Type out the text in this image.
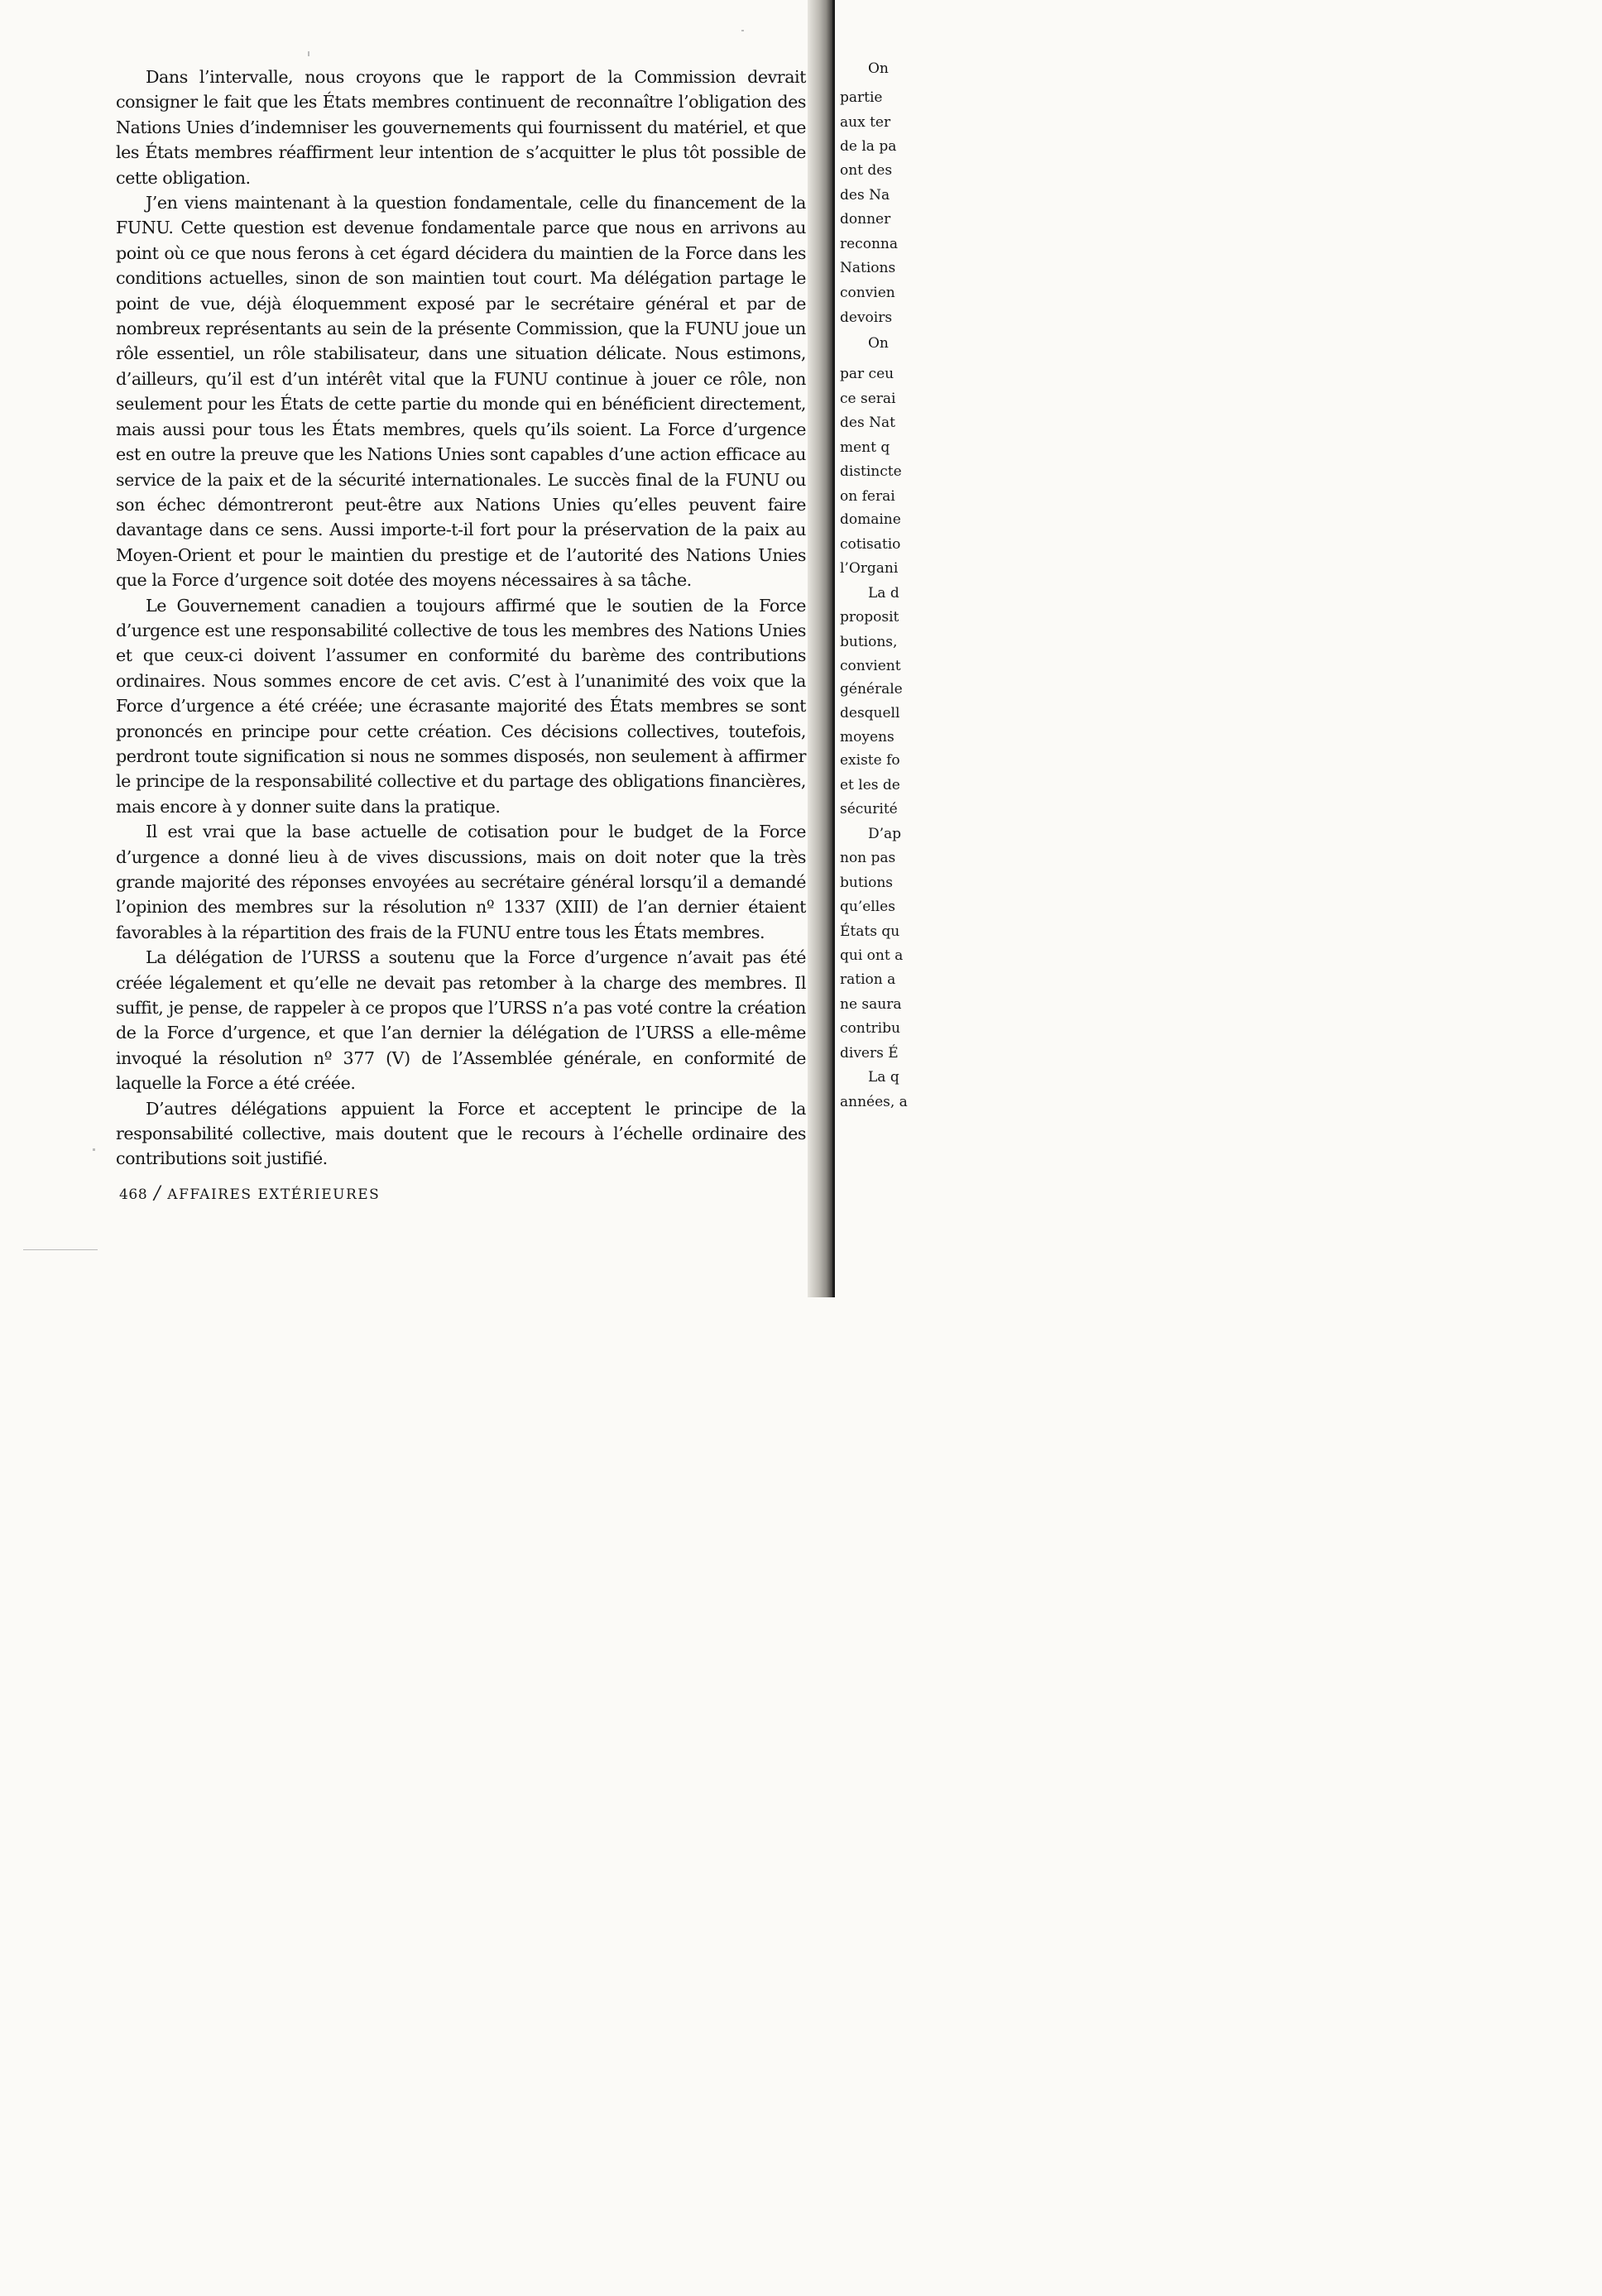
Dans l’intervalle, nous croyons que le rapport de la Commission devrait consigner le fait que les États membres continuent de reconnaître l’obligation des Nations Unies d’indemniser les gouvernements qui fournissent du matériel, et que les États membres réaffirment leur intention de s’acquitter le plus tôt possible de cette obligation.

J’en viens maintenant à la question fondamentale, celle du financement de la FUNU. Cette question est devenue fondamentale parce que nous en arrivons au point où ce que nous ferons à cet égard décidera du maintien de la Force dans les conditions actuelles, sinon de son maintien tout court. Ma délégation partage le point de vue, déjà éloquemment exposé par le secrétaire général et par de nombreux représentants au sein de la présente Commission, que la FUNU joue un rôle essentiel, un rôle stabilisateur, dans une situation délicate. Nous estimons, d’ailleurs, qu’il est d’un intérêt vital que la FUNU continue à jouer ce rôle, non seulement pour les États de cette partie du monde qui en bénéficient directement, mais aussi pour tous les États membres, quels qu’ils soient. La Force d’urgence est en outre la preuve que les Nations Unies sont capables d’une action efficace au service de la paix et de la sécurité internationales. Le succès final de la FUNU ou son échec démontreront peut-être aux Nations Unies qu’elles peuvent faire davantage dans ce sens. Aussi importe-t-il fort pour la préservation de la paix au Moyen-Orient et pour le maintien du prestige et de l’autorité des Nations Unies que la Force d’urgence soit dotée des moyens nécessaires à sa tâche.

Le Gouvernement canadien a toujours affirmé que le soutien de la Force d’urgence est une responsabilité collective de tous les membres des Nations Unies et que ceux-ci doivent l’assumer en conformité du barème des contributions ordinaires. Nous sommes encore de cet avis. C’est à l’unanimité des voix que la Force d’urgence a été créée; une écrasante majorité des États membres se sont prononcés en principe pour cette création. Ces décisions collectives, toutefois, perdront toute signification si nous ne sommes disposés, non seulement à affirmer le principe de la responsabilité collective et du partage des obligations financières, mais encore à y donner suite dans la pratique.

Il est vrai que la base actuelle de cotisation pour le budget de la Force d’urgence a donné lieu à de vives discussions, mais on doit noter que la très grande majorité des réponses envoyées au secrétaire général lorsqu’il a demandé l’opinion des membres sur la résolution nº 1337 (XIII) de l’an dernier étaient favorables à la répartition des frais de la FUNU entre tous les États membres.

La délégation de l’URSS a soutenu que la Force d’urgence n’avait pas été créée légalement et qu’elle ne devait pas retomber à la charge des membres. Il suffit, je pense, de rappeler à ce propos que l’URSS n’a pas voté contre la création de la Force d’urgence, et que l’an dernier la délégation de l’URSS a elle-même invoqué la résolution nº 377 (V) de l’Assemblée générale, en conformité de laquelle la Force a été créée.

D’autres délégations appuient la Force et acceptent le principe de la responsabilité collective, mais doutent que le recours à l’échelle ordinaire des contributions soit justifié.

468 / AFFAIRES EXTÉRIEURES
On
partie
aux ter
de la pa
ont des
des Na
donner
reconna
Nations
convien
devoirs
On
par ceu
ce serai
des Nat
ment q
distincte
on ferai
domaine
cotisatio
l’Organi
La d
proposit
butions,
convient
générale
desquell
moyens
existe fo
et les de
sécurité
D’ap
non pas
butions
qu’elles
États qu
qui ont a
ration a
ne saura
contribu
divers É
La q
années, a
